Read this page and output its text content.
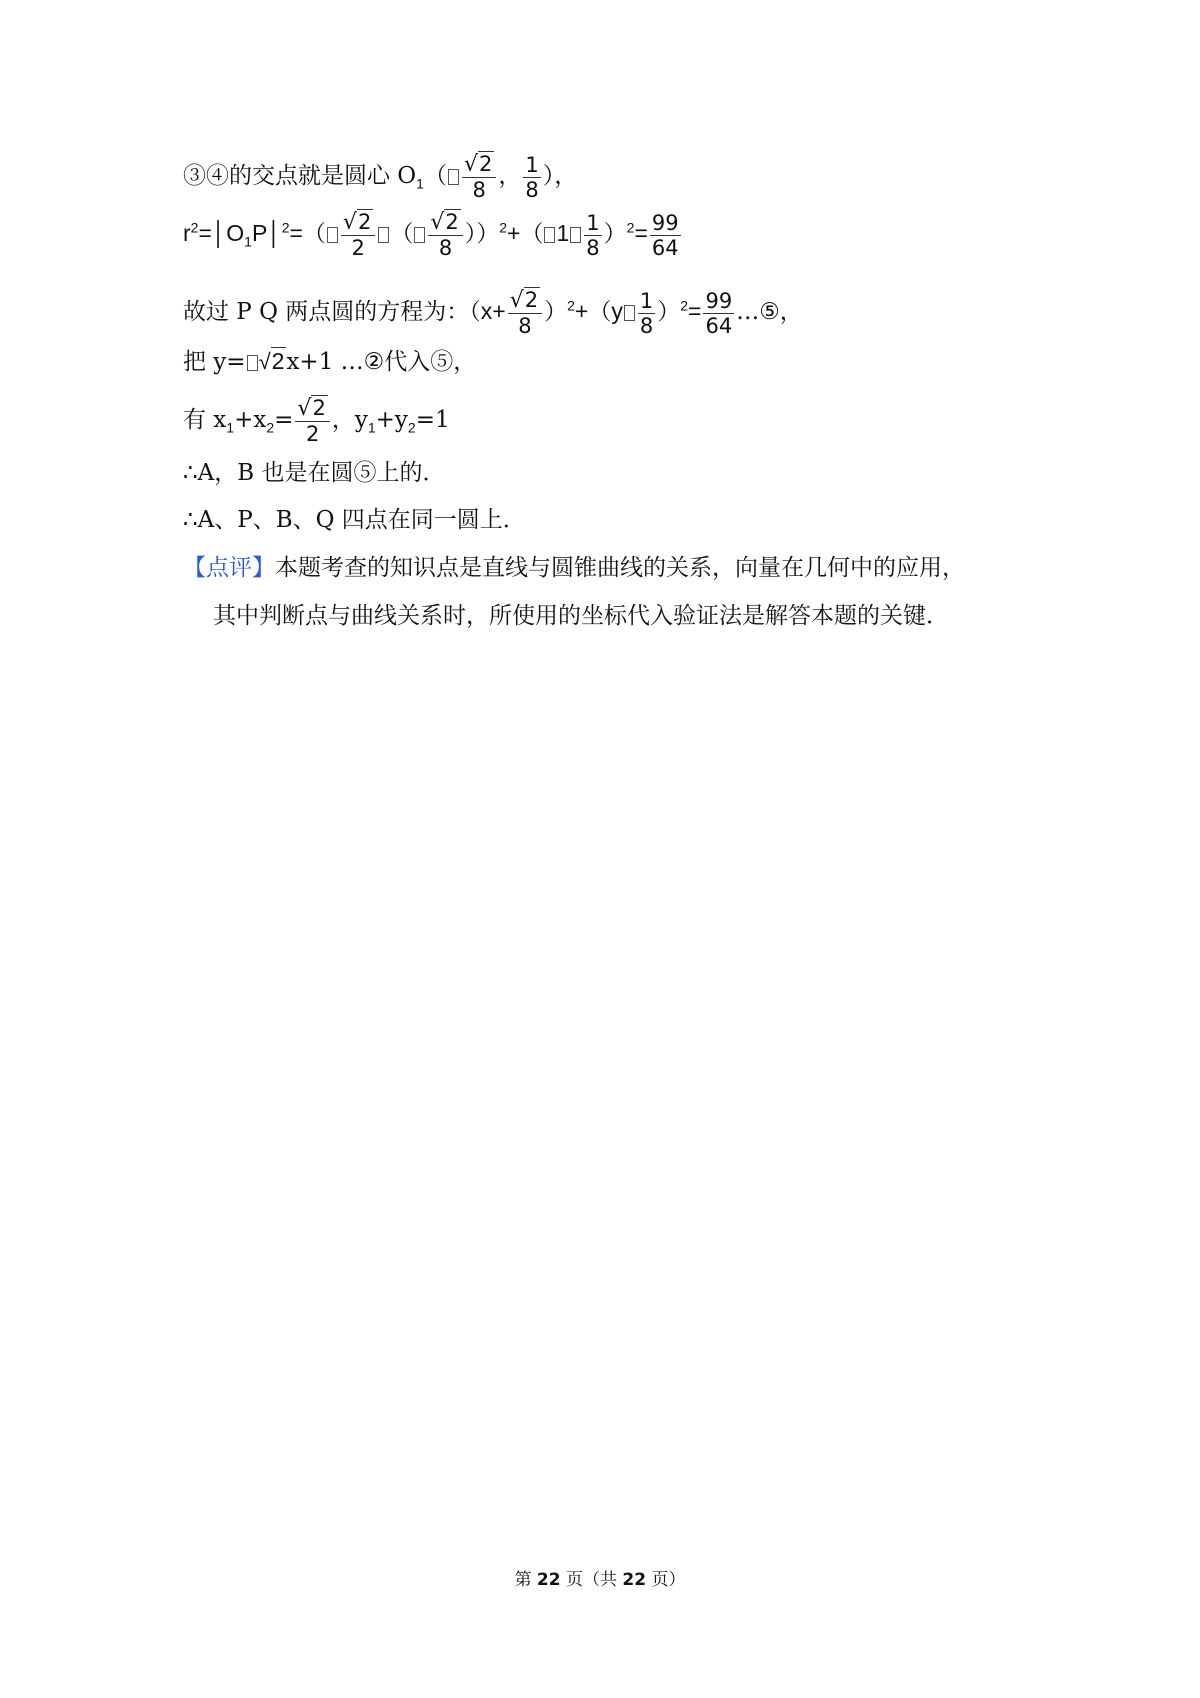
③④的交点就是圆心 $O_1( \frac{√2}{8}$ ， $\frac{1}{8}$ ），
$r^2=│O_1P│^2=( \frac{√2}{2}$ （ $\frac{√2}{8} ))^2+$（ $1 \frac{1}{8} )^2= \frac{99}{64}$
故过 P Q 两点圆的方程为：$(x+ \frac{√2}{8} )^2+(y \frac{1}{8} )^2= \frac{99}{64}$ …⑤，
把 y= √2x+1 …②代入⑤，
有 $x_1+x_2= \frac{√2}{2}$ ，$y_1+y_2=1$
∴A，B 也是在圆⑤上的．
∴A、P、B、Q 四点在同一圆上．
【点评】本题考查的知识点是直线与圆锥曲线的关系，向量在几何中的应用，
其中判断点与曲线关系时，所使用的坐标代入验证法是解答本题的关键．
第 22 页（共 22 页）
